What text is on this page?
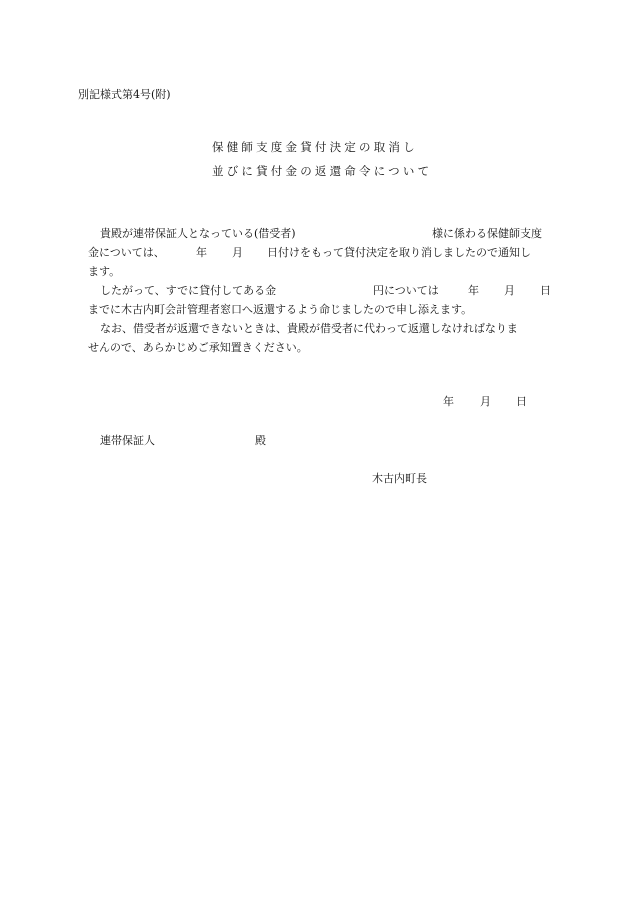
別記様式第4号(附)
保健師支度金貸付決定の取消し
並びに貸付金の返還命令について
貴殿が連帯保証人となっている(借受者)	様に係わる保健師支度
金については、	年 月 日付けをもって貸付決定を取り消しましたので通知し
ます。
したがって、すでに貸付してある金	円については	年 月 日
までに木古内町会計管理者窓口へ返還するよう命じましたので申し添えます。
なお、借受者が返還できないときは、貴殿が借受者に代わって返還しなければなりま
せんので、あらかじめご承知置きください。
年 月 日
連帯保証人	殿
木古内町長
